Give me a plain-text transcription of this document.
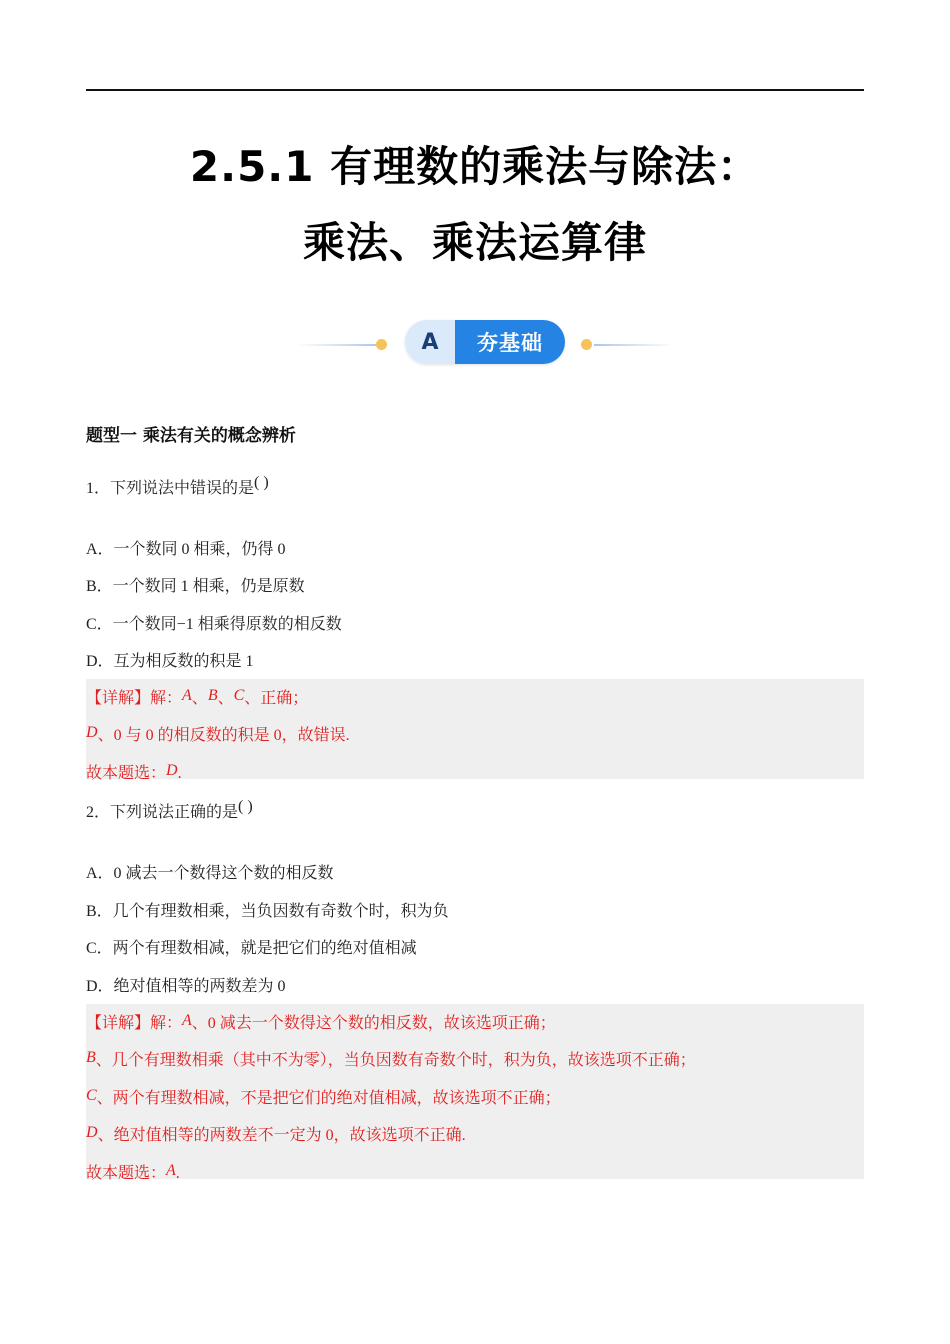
2.5.1 有理数的乘法与除法：
乘法、乘法运算律
A	夯基础
题型一 乘法有关的概念辨析
1．下列说法中错误的是( )
A．一个数同 0 相乘，仍得 0
B．一个数同 1 相乘，仍是原数
C．一个数同−1 相乘得原数的相反数
D．互为相反数的积是 1
【详解】解：A、B、C、正确；
D、0 与 0 的相反数的积是 0，故错误.
故本题选：D.
2．下列说法正确的是( )
A．0 减去一个数得这个数的相反数
B．几个有理数相乘，当负因数有奇数个时，积为负
C．两个有理数相减，就是把它们的绝对值相减
D．绝对值相等的两数差为 0
【详解】解：A、0 减去一个数得这个数的相反数，故该选项正确；
B、几个有理数相乘（其中不为零），当负因数有奇数个时，积为负，故该选项不正确；
C、两个有理数相减，不是把它们的绝对值相减，故该选项不正确；
D、绝对值相等的两数差不一定为 0，故该选项不正确.
故本题选：A.
